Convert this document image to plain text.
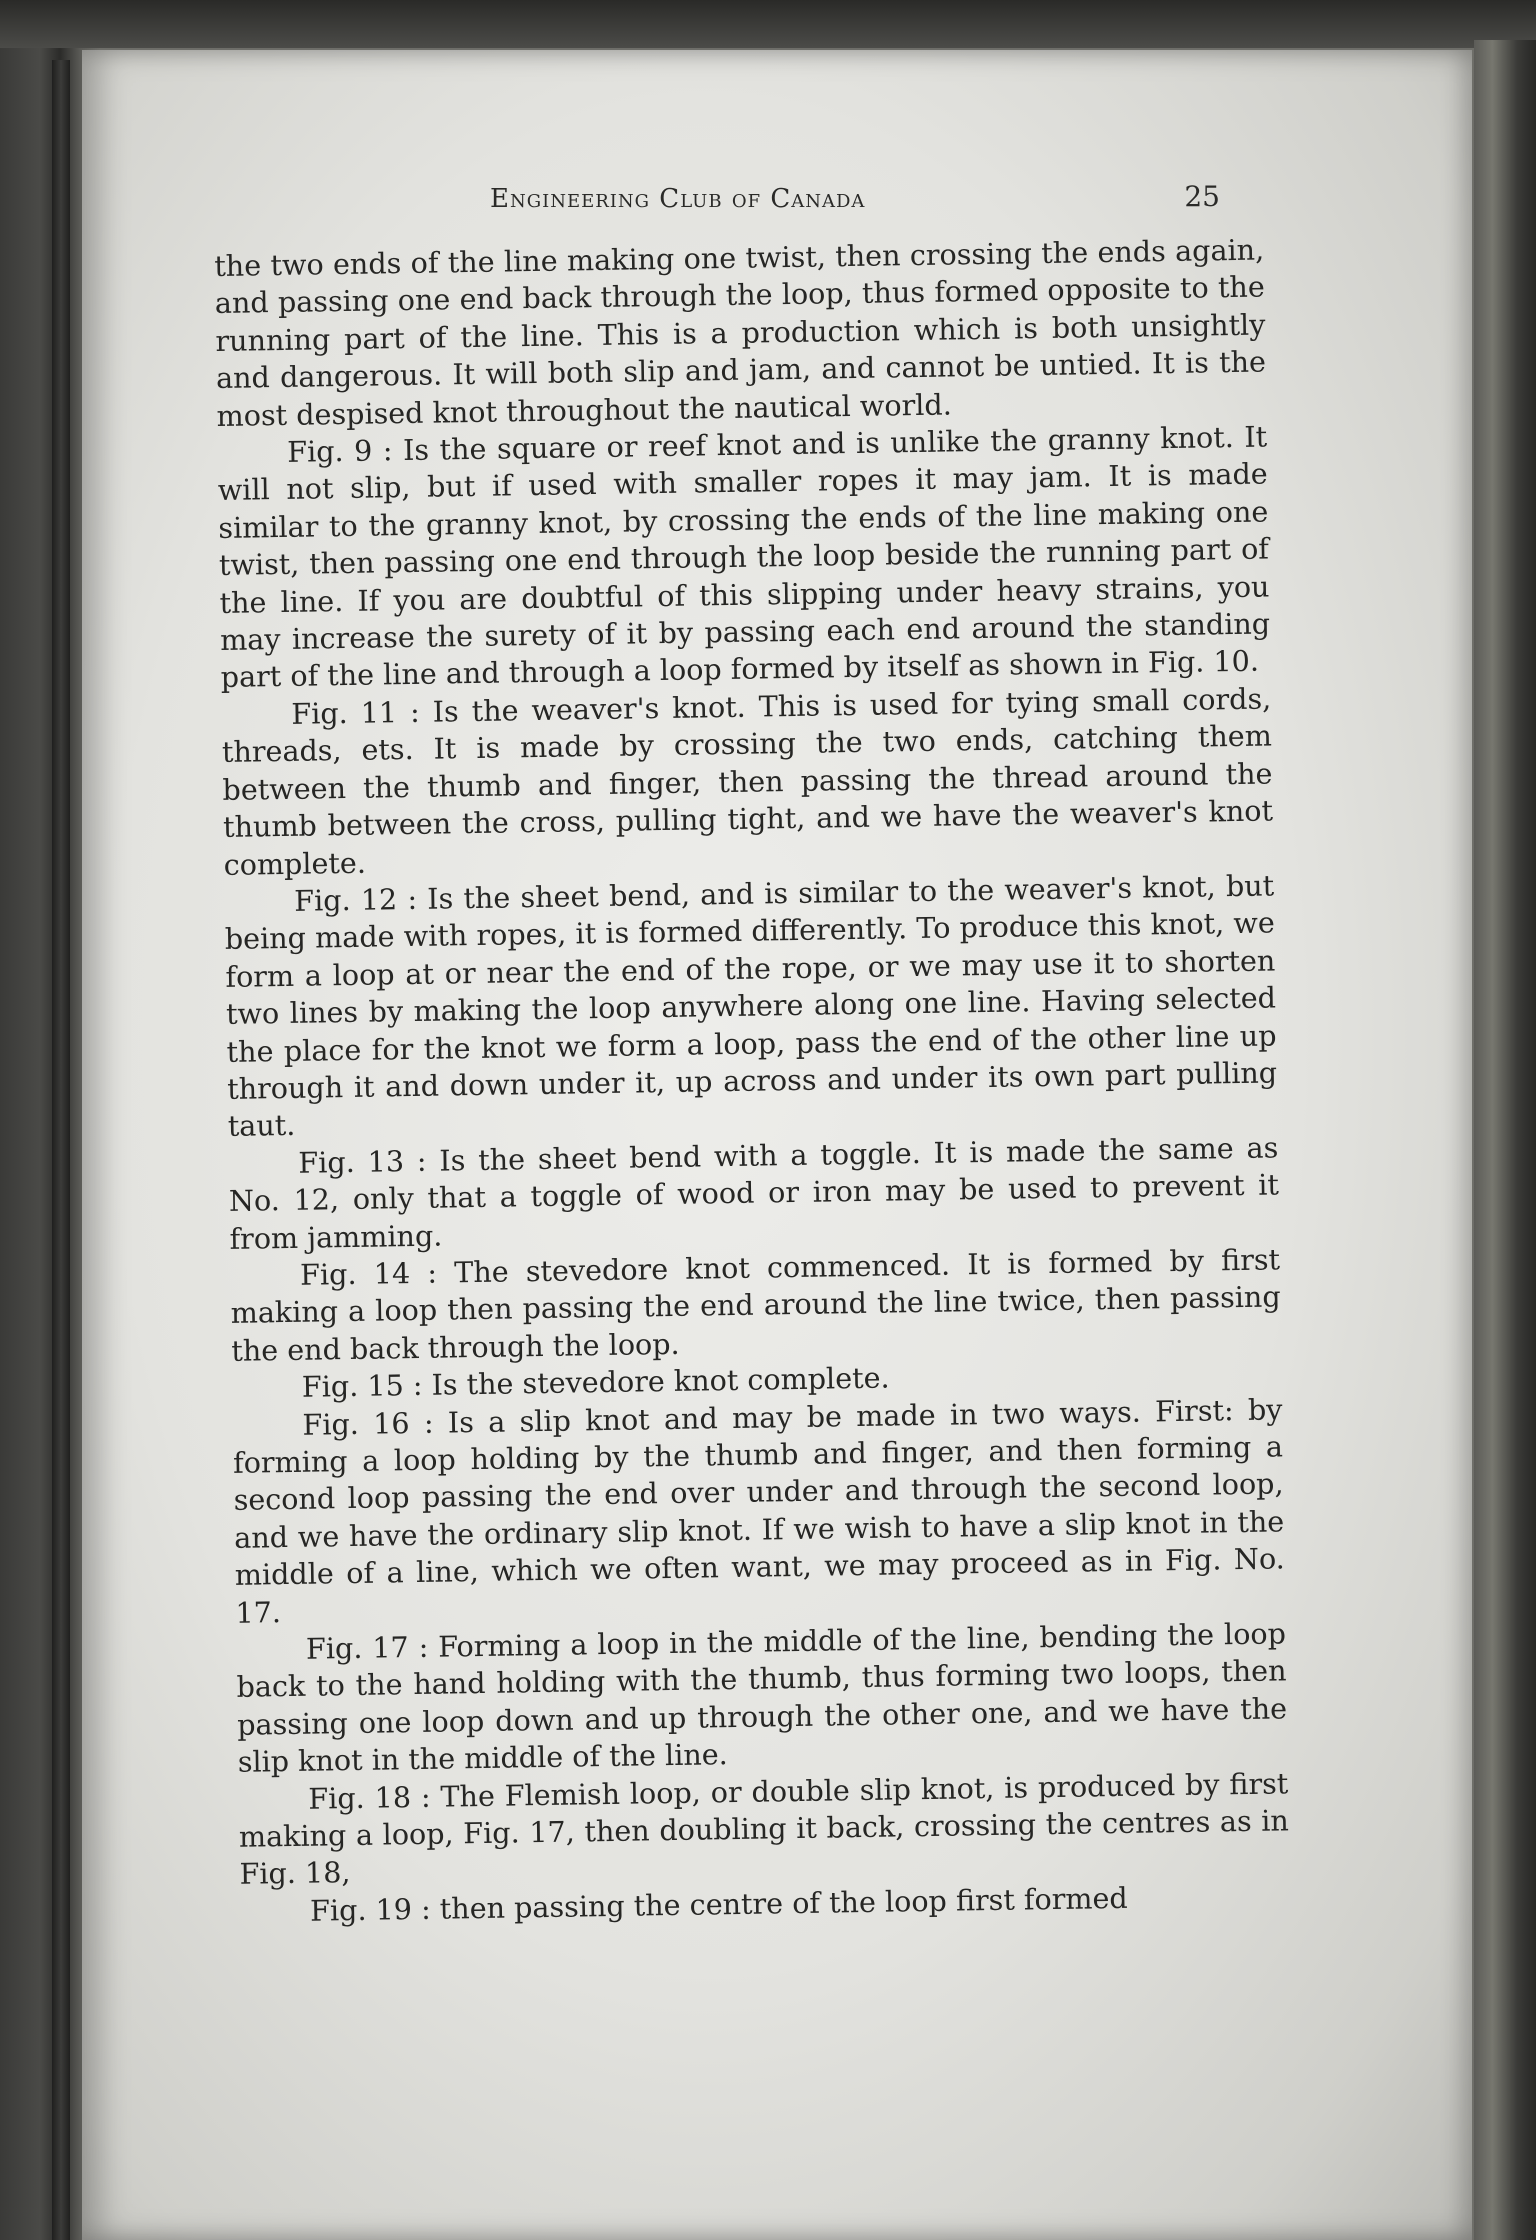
Engineering Club of Canada	25

the two ends of the line making one twist, then crossing the ends again, and passing one end back through the loop, thus formed opposite to the running part of the line. This is a production which is both unsightly and dangerous. It will both slip and jam, and cannot be untied. It is the most despised knot throughout the nautical world.

Fig. 9 : Is the square or reef knot and is unlike the granny knot. It will not slip, but if used with smaller ropes it may jam. It is made similar to the granny knot, by crossing the ends of the line making one twist, then passing one end through the loop beside the running part of the line. If you are doubtful of this slipping under heavy strains, you may increase the surety of it by passing each end around the standing part of the line and through a loop formed by itself as shown in Fig. 10.

Fig. 11 : Is the weaver's knot. This is used for tying small cords, threads, ets. It is made by crossing the two ends, catching them between the thumb and finger, then passing the thread around the thumb between the cross, pulling tight, and we have the weaver's knot complete.

Fig. 12 : Is the sheet bend, and is similar to the weaver's knot, but being made with ropes, it is formed differently. To produce this knot, we form a loop at or near the end of the rope, or we may use it to shorten two lines by making the loop anywhere along one line. Having selected the place for the knot we form a loop, pass the end of the other line up through it and down under it, up across and under its own part pulling taut.

Fig. 13 : Is the sheet bend with a toggle. It is made the same as No. 12, only that a toggle of wood or iron may be used to prevent it from jamming.

Fig. 14 : The stevedore knot commenced. It is formed by first making a loop then passing the end around the line twice, then passing the end back through the loop.

Fig. 15 : Is the stevedore knot complete.

Fig. 16 : Is a slip knot and may be made in two ways. First: by forming a loop holding by the thumb and finger, and then forming a second loop passing the end over under and through the second loop, and we have the ordinary slip knot. If we wish to have a slip knot in the middle of a line, which we often want, we may proceed as in Fig. No. 17.

Fig. 17 : Forming a loop in the middle of the line, bending the loop back to the hand holding with the thumb, thus forming two loops, then passing one loop down and up through the other one, and we have the slip knot in the middle of the line.

Fig. 18 : The Flemish loop, or double slip knot, is produced by first making a loop, Fig. 17, then doubling it back, crossing the centres as in Fig. 18,

Fig. 19 : then passing the centre of the loop first formed
